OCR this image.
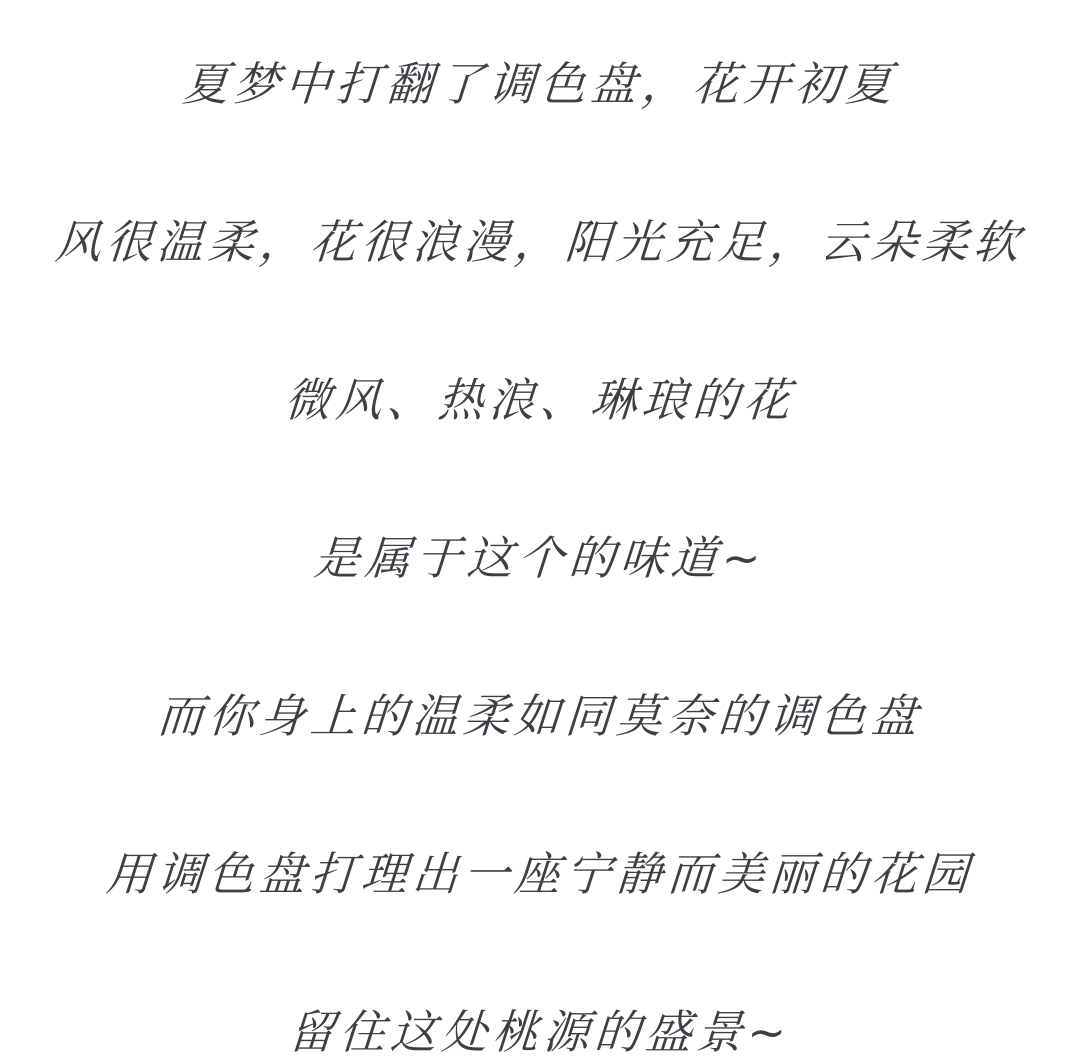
夏梦中打翻了调色盘，花开初夏

风很温柔，花很浪漫，阳光充足，云朵柔软

微风、热浪、琳琅的花

是属于这个的味道~

而你身上的温柔如同莫奈的调色盘

用调色盘打理出一座宁静而美丽的花园

留住这处桃源的盛景~
